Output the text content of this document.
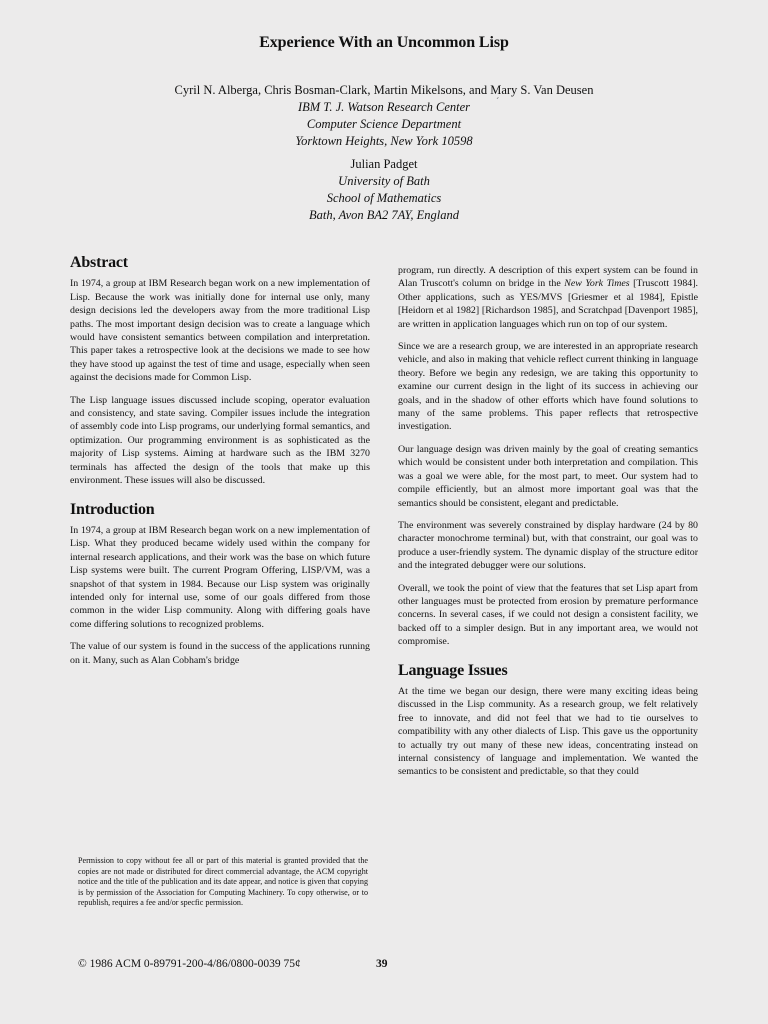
Experience With an Uncommon Lisp
Cyril N. Alberga, Chris Bosman-Clark, Martin Mikelsons, and Mary S. Van Deusen
IBM T. J. Watson Research Center
Computer Science Department
Yorktown Heights, New York 10598
´
Julian Padget
University of Bath
School of Mathematics
Bath, Avon BA2 7AY, England
Abstract

In 1974, a group at IBM Research began work on a new implementation of Lisp. Because the work was initially done for internal use only, many design decisions led the developers away from the more traditional Lisp paths. The most important design decision was to create a language which would have consistent semantics between compilation and interpretation. This paper takes a retrospective look at the decisions we made to see how they have stood up against the test of time and usage, especially when seen against the decisions made for Common Lisp.

The Lisp language issues discussed include scoping, operator evaluation and consistency, and state saving. Compiler issues include the integration of assembly code into Lisp programs, our underlying formal semantics, and optimization. Our programming environment is as sophisticated as the majority of Lisp systems. Aiming at hardware such as the IBM 3270 terminals has affected the design of the tools that make up this environment. These issues will also be discussed.

Introduction

In 1974, a group at IBM Research began work on a new implementation of Lisp. What they produced became widely used within the company for internal research applications, and their work was the base on which future Lisp systems were built. The current Program Offering, LISP/VM, was a snapshot of that system in 1984. Because our Lisp system was originally intended only for internal use, some of our goals differed from those common in the wider Lisp community. Along with differing goals have come differing solutions to recognized problems.

The value of our system is found in the success of the applications running on it. Many, such as Alan Cobham's bridge

Permission to copy without fee all or part of this material is granted provided that the copies are not made or distributed for direct commercial advantage, the ACM copyright notice and the title of the publication and its date appear, and notice is given that copying is by permission of the Association for Computing Machinery. To copy otherwise, or to republish, requires a fee and/or specfic permission.

program, run directly. A description of this expert system can be found in Alan Truscott's column on bridge in the New York Times [Truscott 1984]. Other applications, such as YES/MVS [Griesmer et al 1984], Epistle [Heidorn et al 1982] [Richardson 1985], and Scratchpad [Davenport 1985], are written in application languages which run on top of our system.

Since we are a research group, we are interested in an appropriate research vehicle, and also in making that vehicle reflect current thinking in language theory. Before we begin any redesign, we are taking this opportunity to examine our current design in the light of its success in achieving our goals, and in the shadow of other efforts which have found solutions to many of the same problems. This paper reflects that retrospective investigation.

Our language design was driven mainly by the goal of creating semantics which would be consistent under both interpretation and compilation. This was a goal we were able, for the most part, to meet. Our system had to compile efficiently, but an almost more important goal was that the semantics should be consistent, elegant and predictable.

The environment was severely constrained by display hardware (24 by 80 character monochrome terminal) but, with that constraint, our goal was to produce a user-friendly system. The dynamic display of the structure editor and the integrated debugger were our solutions.

Overall, we took the point of view that the features that set Lisp apart from other languages must be protected from erosion by premature performance concerns. In several cases, if we could not design a consistent facility, we backed off to a simpler design. But in any important area, we would not compromise.

Language Issues

At the time we began our design, there were many exciting ideas being discussed in the Lisp community. As a research group, we felt relatively free to innovate, and did not feel that we had to tie ourselves to compatibility with any other dialects of Lisp. This gave us the opportunity to actually try out many of these new ideas, concentrating instead on internal consistency of language and implementation. We wanted the semantics to be consistent and predictable, so that they could

© 1986 ACM 0-89791-200-4/86/0800-0039 75¢	39
